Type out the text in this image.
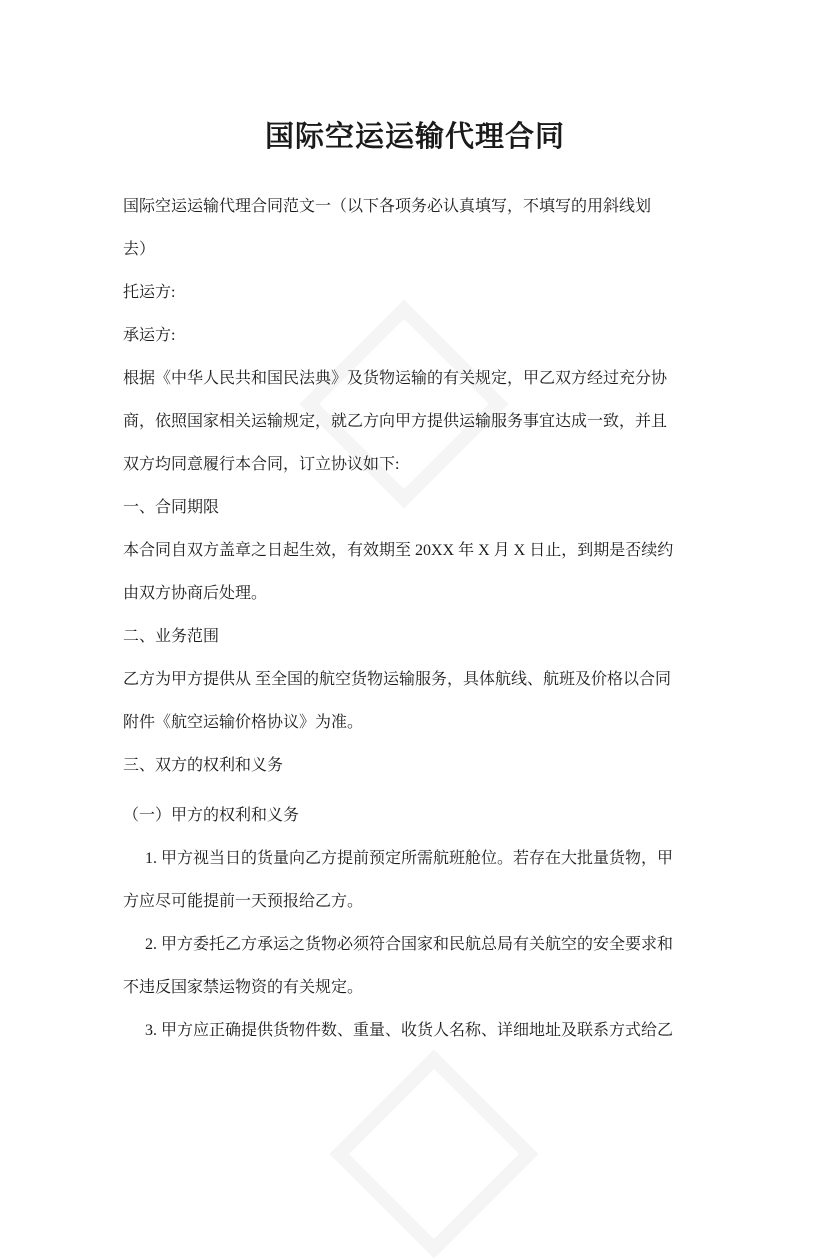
国际空运运输代理合同
国际空运运输代理合同范文一（以下各项务必认真填写，不填写的用斜线划
去）
托运方:
承运方:
根据《中华人民共和国民法典》及货物运输的有关规定，甲乙双方经过充分协
商，依照国家相关运输规定，就乙方向甲方提供运输服务事宜达成一致，并且
双方均同意履行本合同，订立协议如下:
一、合同期限
本合同自双方盖章之日起生效，有效期至 20XX 年 X 月 X 日止，到期是否续约
由双方协商后处理。
二、业务范围
乙方为甲方提供从 至全国的航空货物运输服务，具体航线、航班及价格以合同
附件《航空运输价格协议》为准。
三、双方的权利和义务
（一）甲方的权利和义务
1. 甲方视当日的货量向乙方提前预定所需航班舱位。若存在大批量货物，甲
方应尽可能提前一天预报给乙方。
2. 甲方委托乙方承运之货物必须符合国家和民航总局有关航空的安全要求和
不违反国家禁运物资的有关规定。
3. 甲方应正确提供货物件数、重量、收货人名称、详细地址及联系方式给乙
